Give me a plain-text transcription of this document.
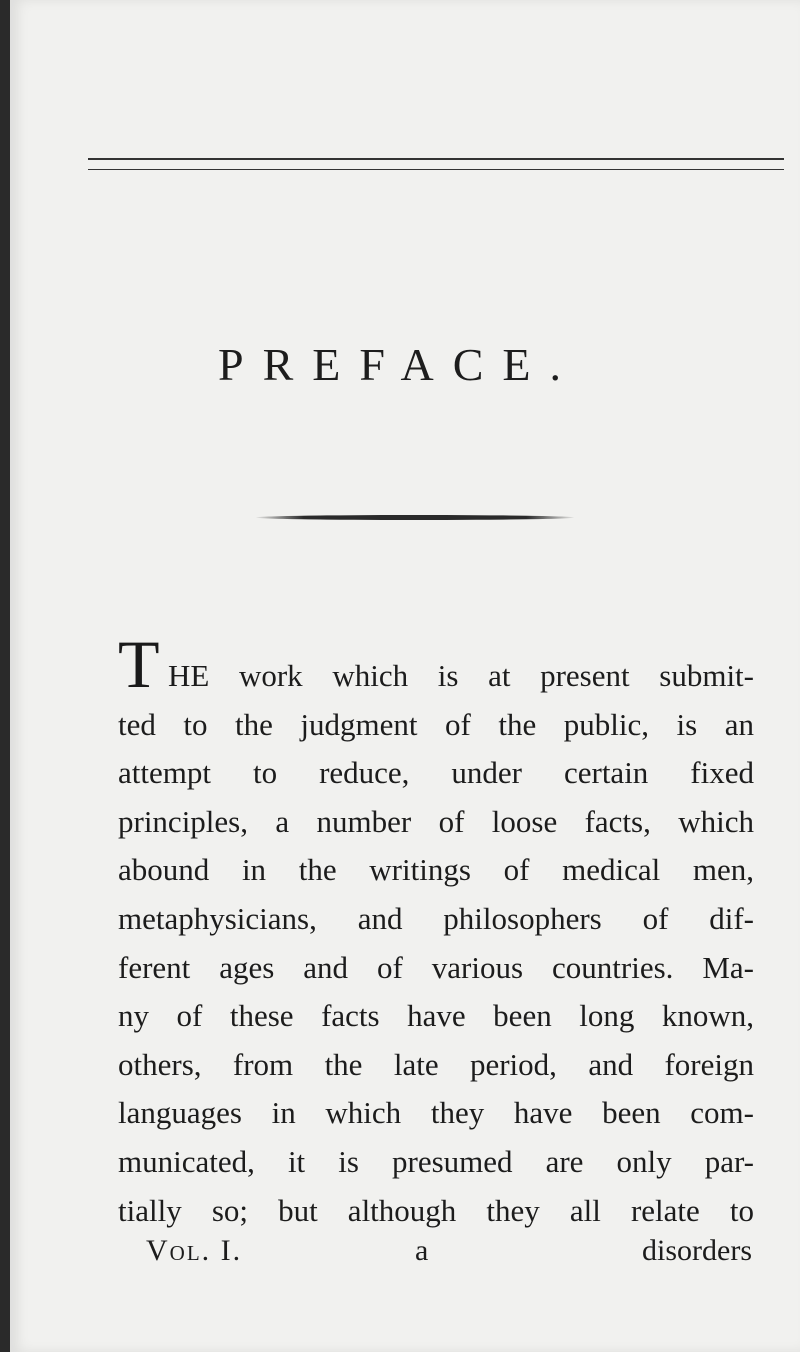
PREFACE.
T HE work which is at present submit-
ted to the judgment of the public, is an
attempt to reduce, under certain fixed
principles, a number of loose facts, which
abound in the writings of medical men,
metaphysicians, and philosophers of dif-
ferent ages and of various countries. Ma-
ny of these facts have been long known,
others, from the late period, and foreign
languages in which they have been com-
municated, it is presumed are only par-
tially so; but although they all relate to
Vol. I.	a	disorders
